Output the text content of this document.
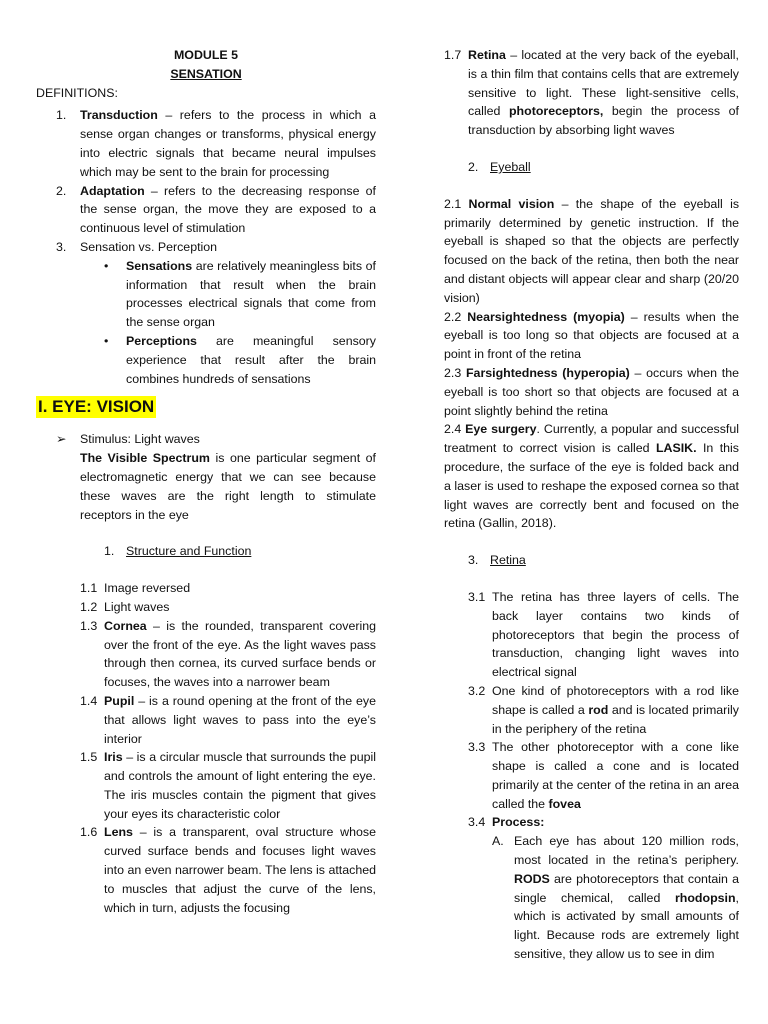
MODULE 5

SENSATION

DEFINITIONS:

1.	Transduction – refers to the process in which a sense organ changes or transforms, physical energy into electric signals that became neural impulses which may be sent to the brain for processing
2.	Adaptation – refers to the decreasing response of the sense organ, the move they are exposed to a continuous level of stimulation
3.	Sensation vs. Perception
•	Sensations are relatively meaningless bits of information that result when the brain processes electrical signals that come from the sense organ
•	Perceptions are meaningful sensory experience that result after the brain combines hundreds of sensations
I. EYE: VISION
➢	Stimulus: Light waves

The Visible Spectrum is one particular segment of electromagnetic energy that we can see because these waves are the right length to stimulate receptors in the eye

1. Structure and Function
1.1 Image reversed
1.2 Light waves
1.3 Cornea – is the rounded, transparent covering over the front of the eye. As the light waves pass through then cornea, its curved surface bends or focuses, the waves into a narrower beam
1.4 Pupil – is a round opening at the front of the eye that allows light waves to pass into the eye’s interior
1.5 Iris – is a circular muscle that surrounds the pupil and controls the amount of light entering the eye. The iris muscles contain the pigment that gives your eyes its characteristic color
1.6 Lens – is a transparent, oval structure whose curved surface bends and focuses light waves into an even narrower beam. The lens is attached to muscles that adjust the curve of the lens, which in turn, adjusts the focusing
1.7 Retina – located at the very back of the eyeball, is a thin film that contains cells that are extremely sensitive to light. These light-sensitive cells, called photoreceptors, begin the process of transduction by absorbing light waves
2. Eyeball

2.1 Normal vision – the shape of the eyeball is primarily determined by genetic instruction. If the eyeball is shaped so that the objects are perfectly focused on the back of the retina, then both the near and distant objects will appear clear and sharp (20/20 vision)

2.2 Nearsightedness (myopia) – results when the eyeball is too long so that objects are focused at a point in front of the retina

2.3 Farsightedness (hyperopia) – occurs when the eyeball is too short so that objects are focused at a point slightly behind the retina

2.4 Eye surgery. Currently, a popular and successful treatment to correct vision is called LASIK. In this procedure, the surface of the eye is folded back and a laser is used to reshape the exposed cornea so that light waves are correctly bent and focused on the retina (Gallin, 2018).

3. Retina
3.1 The retina has three layers of cells. The back layer contains two kinds of photoreceptors that begin the process of transduction, changing light waves into electrical signal
3.2 One kind of photoreceptors with a rod like shape is called a rod and is located primarily in the periphery of the retina
3.3 The other photoreceptor with a cone like shape is called a cone and is located primarily at the center of the retina in an area called the fovea
3.4 Process:
A. Each eye has about 120 million rods, most located in the retina’s periphery. RODS are photoreceptors that contain a single chemical, called rhodopsin, which is activated by small amounts of light. Because rods are extremely light sensitive, they allow us to see in dim
